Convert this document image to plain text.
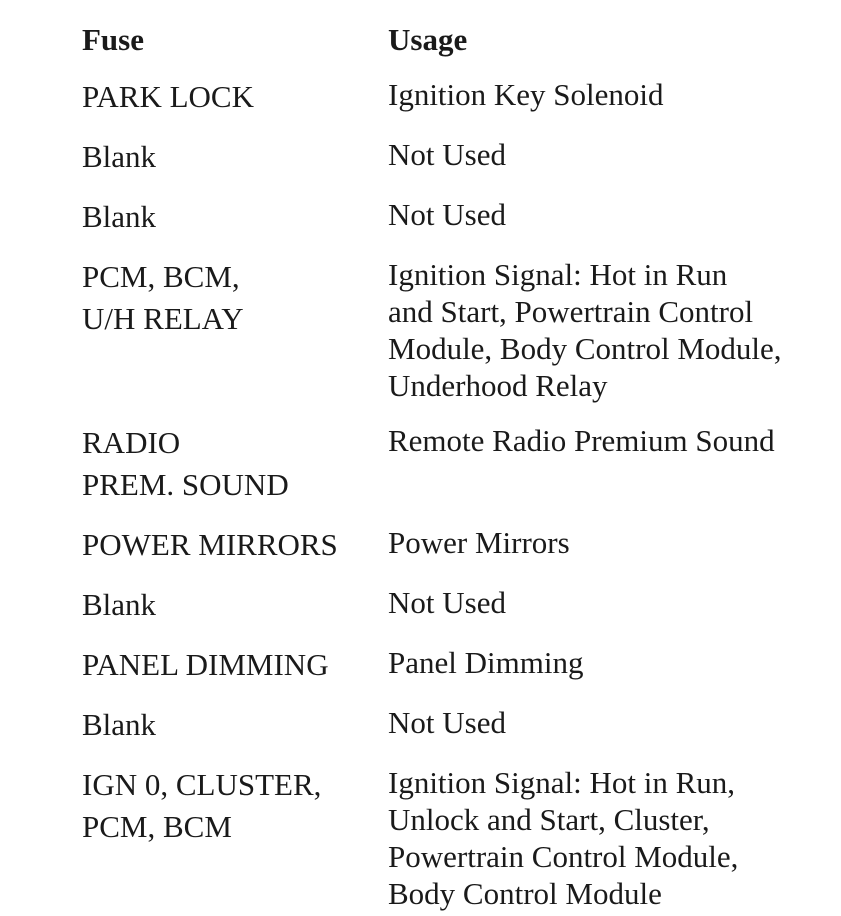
Fuse	Usage

PARK LOCK	Ignition Key Solenoid

Blank	Not Used

Blank	Not Used

PCM, BCM,
U/H RELAY	Ignition Signal: Hot in Run
and Start, Powertrain Control
Module, Body Control Module,
Underhood Relay

RADIO
PREM. SOUND	Remote Radio Premium Sound

POWER MIRRORS	Power Mirrors

Blank	Not Used

PANEL DIMMING	Panel Dimming

Blank	Not Used

IGN 0, CLUSTER,
PCM, BCM	Ignition Signal: Hot in Run,
Unlock and Start, Cluster,
Powertrain Control Module,
Body Control Module
